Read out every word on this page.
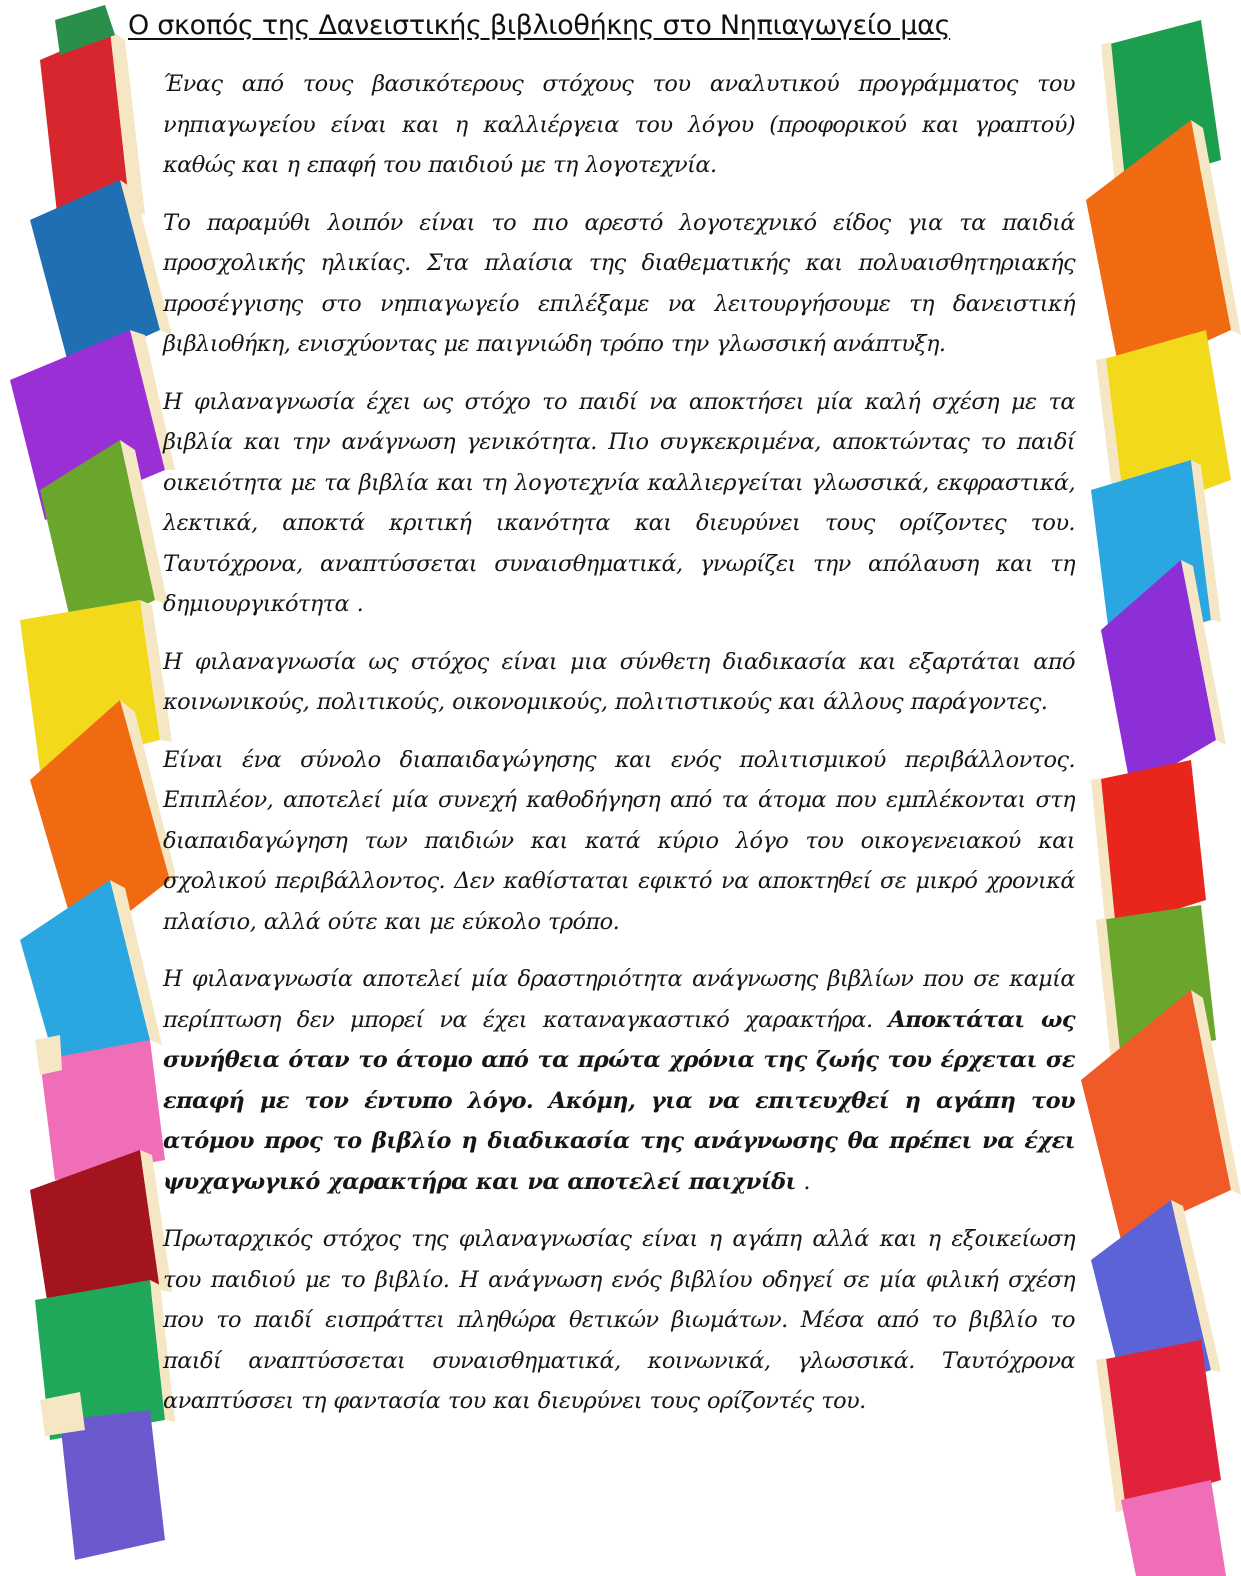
Ο σκοπός της Δανειστικής βιβλιοθήκης στο Νηπιαγωγείο μας

Ένας από τους βασικότερους στόχους του αναλυτικού προγράμματος του νηπιαγωγείου είναι και η καλλιέργεια του λόγου (προφορικού και γραπτού) καθώς και η επαφή του παιδιού με τη λογοτεχνία.

Το παραμύθι λοιπόν είναι το πιο αρεστό λογοτεχνικό είδος για τα παιδιά προσχολικής ηλικίας. Στα πλαίσια της διαθεματικής και πολυαισθητηριακής προσέγγισης στο νηπιαγωγείο επιλέξαμε να λειτουργήσουμε τη δανειστική βιβλιοθήκη, ενισχύοντας με παιγνιώδη τρόπο την γλωσσική ανάπτυξη.

Η φιλαναγνωσία έχει ως στόχο το παιδί να αποκτήσει μία καλή σχέση με τα βιβλία και την ανάγνωση γενικότητα. Πιο συγκεκριμένα, αποκτώντας το παιδί οικειότητα με τα βιβλία και τη λογοτεχνία καλλιεργείται γλωσσικά, εκφραστικά, λεκτικά, αποκτά κριτική ικανότητα και διευρύνει τους ορίζοντες του. Ταυτόχρονα, αναπτύσσεται συναισθηματικά, γνωρίζει την απόλαυση και τη δημιουργικότητα .

Η φιλαναγνωσία ως στόχος είναι μια σύνθετη διαδικασία και εξαρτάται από κοινωνικούς, πολιτικούς, οικονομικούς, πολιτιστικούς και άλλους παράγοντες.

Είναι ένα σύνολο διαπαιδαγώγησης και ενός πολιτισμικού περιβάλλοντος. Επιπλέον, αποτελεί μία συνεχή καθοδήγηση από τα άτομα που εμπλέκονται στη διαπαιδαγώγηση των παιδιών και κατά κύριο λόγο του οικογενειακού και σχολικού περιβάλλοντος. Δεν καθίσταται εφικτό να αποκτηθεί σε μικρό χρονικά πλαίσιο, αλλά ούτε και με εύκολο τρόπο.

Η φιλαναγνωσία αποτελεί μία δραστηριότητα ανάγνωσης βιβλίων που σε καμία περίπτωση δεν μπορεί να έχει καταναγκαστικό χαρακτήρα. Αποκτάται ως συνήθεια όταν το άτομο από τα πρώτα χρόνια της ζωής του έρχεται σε επαφή με τον έντυπο λόγο. Ακόμη, για να επιτευχθεί η αγάπη του ατόμου προς το βιβλίο η διαδικασία της ανάγνωσης θα πρέπει να έχει ψυχαγωγικό χαρακτήρα και να αποτελεί παιχνίδι .

Πρωταρχικός στόχος της φιλαναγνωσίας είναι η αγάπη αλλά και η εξοικείωση του παιδιού με το βιβλίο. Η ανάγνωση ενός βιβλίου οδηγεί σε μία φιλική σχέση που το παιδί εισπράττει πληθώρα θετικών βιωμάτων. Μέσα από το βιβλίο το παιδί αναπτύσσεται συναισθηματικά, κοινωνικά, γλωσσικά. Ταυτόχρονα αναπτύσσει τη φαντασία του και διευρύνει τους ορίζοντές του.
